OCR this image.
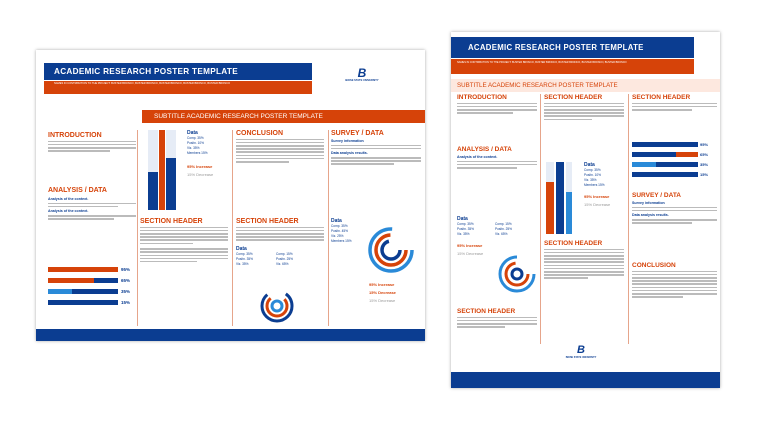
ACADEMIC RESEARCH POSTER TEMPLATE
NAMES IN CONTRIBUTION TO THE PROJECT: BUSTER BRONCO, BUSTER BRONCO, BUSTER BRONCO, BUSTER BRONCO, BUSTER BRONCO
B
BOISE STATE UNIVERSITY
SUBTITLE ACADEMIC RESEARCH POSTER TEMPLATE
INTRODUCTION
ANALYSIS / DATA
Analysis of the context.
Analysis of the context.
95%
65%
35%
15%
Data
Comp. 35%
Positn. 10%
Viz. 35%
Members 15%
95% Increase
15% Decrease
SECTION HEADER
CONCLUSION
SECTION HEADER
Data
Comp. 35%	Comp. 15%
Positn. 35%	Positn. 25%
Viz. 35%	Viz. 65%
SURVEY / DATA
Survey information
Data analysis results.
Data
Comp. 35%
Positn. 45%
Viz. 25%
Members 15%
95% Increase
15% Decrease
15% Decrease
ACADEMIC RESEARCH POSTER TEMPLATE
NAMES IN CONTRIBUTION TO THE PROJECT: BUSTER BRONCO, BUSTER BRONCO, BUSTER BRONCO, BUSTER BRONCO, BUSTER BRONCO
SUBTITLE ACADEMIC RESEARCH POSTER TEMPLATE
INTRODUCTION
ANALYSIS / DATA
Analysis of the context.
Data
Comp. 35%	Comp. 15%
Positn. 35%	Positn. 25%
Viz. 35%	Viz. 65%
95% Increase
15% Decrease
SECTION HEADER
SECTION HEADER
Data
Comp. 35%
Positn. 10%
Viz. 35%
Members 15%
95% Increase
15% Decrease
SECTION HEADER
SECTION HEADER
95%
65%
35%
15%
SURVEY / DATA
Survey information
Data analysis results.
CONCLUSION
B
BOISE STATE UNIVERSITY
